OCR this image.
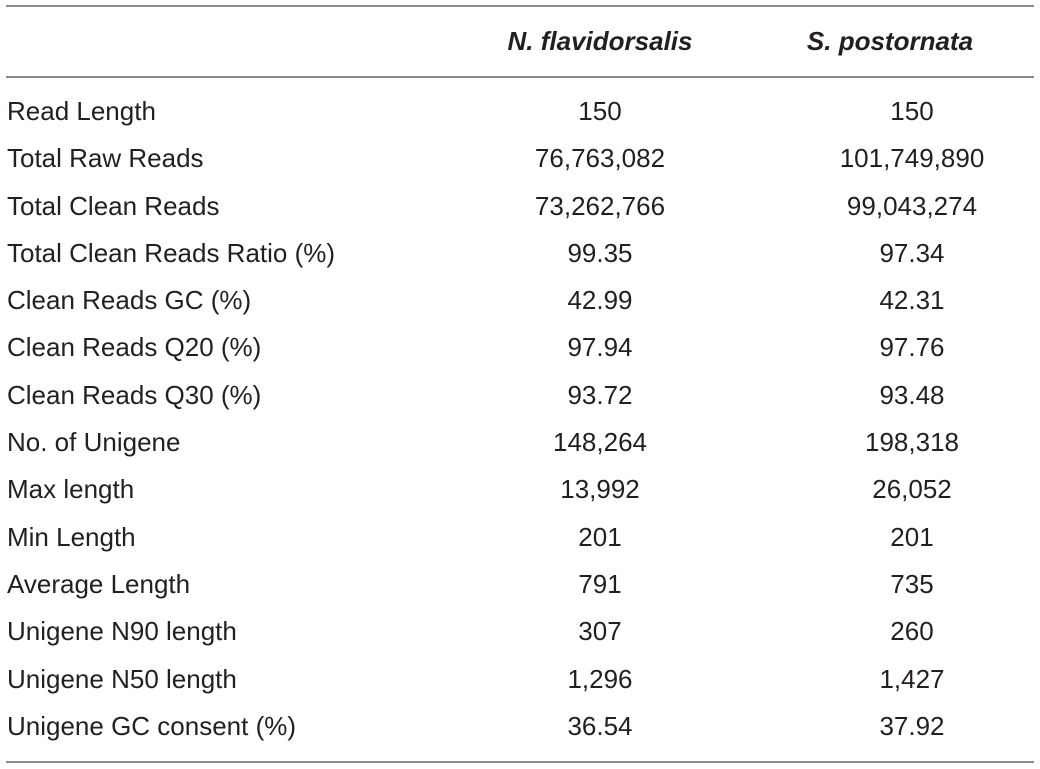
N. flavidorsalis	S. postornata
Read Length	150	150
Total Raw Reads	76,763,082	101,749,890
Total Clean Reads	73,262,766	99,043,274
Total Clean Reads Ratio (%)	99.35	97.34
Clean Reads GC (%)	42.99	42.31
Clean Reads Q20 (%)	97.94	97.76
Clean Reads Q30 (%)	93.72	93.48
No. of Unigene	148,264	198,318
Max length	13,992	26,052
Min Length	201	201
Average Length	791	735
Unigene N90 length	307	260
Unigene N50 length	1,296	1,427
Unigene GC consent (%)	36.54	37.92
